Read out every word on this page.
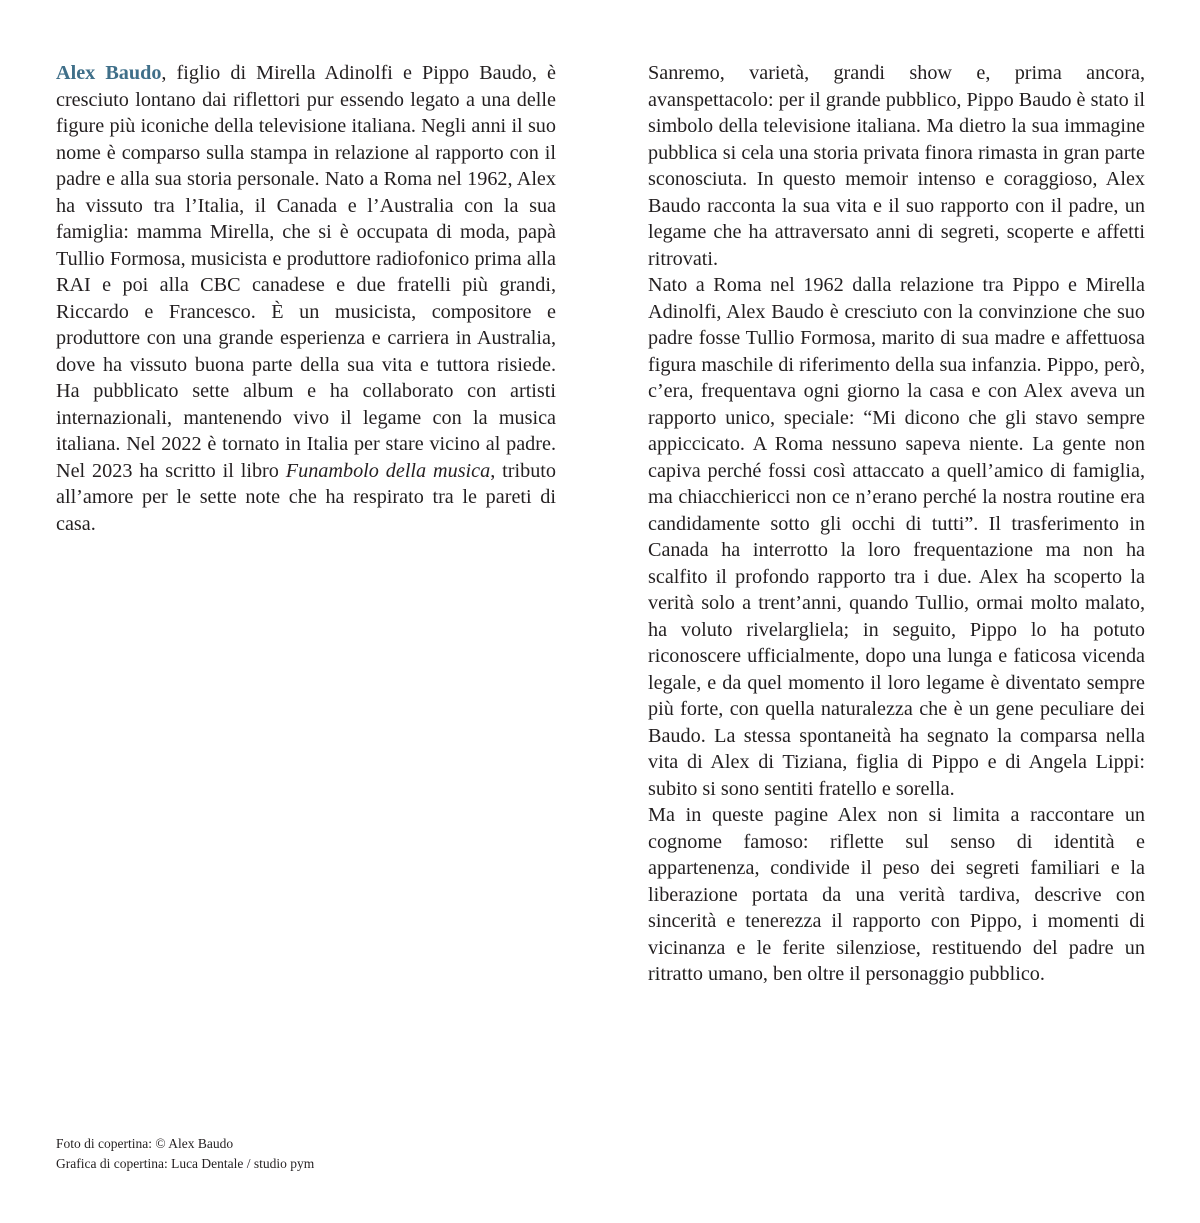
Alex Baudo, figlio di Mirella Adinolfi e Pippo Baudo, è cresciuto lontano dai riflettori pur essendo legato a una delle figure più iconiche della televisione italiana. Negli anni il suo nome è comparso sulla stampa in relazione al rapporto con il padre e alla sua storia personale. Nato a Roma nel 1962, Alex ha vissuto tra l’Italia, il Canada e l’Australia con la sua famiglia: mamma Mirella, che si è occupata di moda, papà Tullio Formosa, musicista e produttore radiofonico prima alla RAI e poi alla CBC canadese e due fratelli più grandi, Riccardo e Francesco. È un musicista, compositore e produttore con una grande esperienza e carriera in Australia, dove ha vissuto buona parte della sua vita e tuttora risiede. Ha pubblicato sette album e ha collaborato con artisti internazionali, mantenendo vivo il legame con la musica italiana. Nel 2022 è tornato in Italia per stare vicino al padre. Nel 2023 ha scritto il libro Funambolo della musica, tributo all’amore per le sette note che ha respirato tra le pareti di casa.

Sanremo, varietà, grandi show e, prima ancora, avanspettacolo: per il grande pubblico, Pippo Baudo è stato il simbolo della televisione italiana. Ma dietro la sua immagine pubblica si cela una storia privata finora rimasta in gran parte sconosciuta. In questo memoir intenso e coraggioso, Alex Baudo racconta la sua vita e il suo rapporto con il padre, un legame che ha attraversato anni di segreti, scoperte e affetti ritrovati.

Nato a Roma nel 1962 dalla relazione tra Pippo e Mirella Adinolfi, Alex Baudo è cresciuto con la convinzione che suo padre fosse Tullio Formosa, marito di sua madre e affettuosa figura maschile di riferimento della sua infanzia. Pippo, però, c’era, frequentava ogni giorno la casa e con Alex aveva un rapporto unico, speciale: “Mi dicono che gli stavo sempre appiccicato. A Roma nessuno sapeva niente. La gente non capiva perché fossi così attaccato a quell’amico di famiglia, ma chiacchiericci non ce n’erano perché la nostra routine era candidamente sotto gli occhi di tutti”. Il trasferimento in Canada ha interrotto la loro frequentazione ma non ha scalfito il profondo rapporto tra i due. Alex ha scoperto la verità solo a trent’anni, quando Tullio, ormai molto malato, ha voluto rivelargliela; in seguito, Pippo lo ha potuto riconoscere ufficialmente, dopo una lunga e faticosa vicenda legale, e da quel momento il loro legame è diventato sempre più forte, con quella naturalezza che è un gene peculiare dei Baudo. La stessa spontaneità ha segnato la comparsa nella vita di Alex di Tiziana, figlia di Pippo e di Angela Lippi: subito si sono sentiti fratello e sorella.

Ma in queste pagine Alex non si limita a raccontare un cognome famoso: riflette sul senso di identità e appartenenza, condivide il peso dei segreti familiari e la liberazione portata da una verità tardiva, descrive con sincerità e tenerezza il rapporto con Pippo, i momenti di vicinanza e le ferite silenziose, restituendo del padre un ritratto umano, ben oltre il personaggio pubblico.

Foto di copertina: © Alex Baudo
Grafica di copertina: Luca Dentale / studio pym
